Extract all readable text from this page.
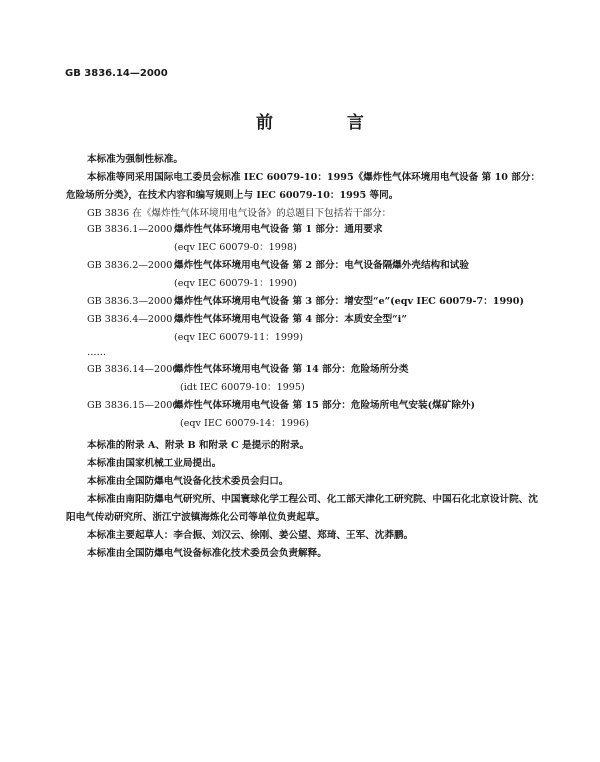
GB 3836.14—2000
前 言
本标准为强制性标准。
本标准等同采用国际电工委员会标准 IEC 60079-10：1995《爆炸性气体环境用电气设备 第 10 部分：危险场所分类》，在技术内容和编写规则上与 IEC 60079-10：1995 等同。
GB 3836 在《爆炸性气体环境用电气设备》的总题目下包括若干部分：
GB 3836.1—2000 爆炸性气体环境用电气设备 第 1 部分：通用要求
(eqv IEC 60079-0：1998)
GB 3836.2—2000 爆炸性气体环境用电气设备 第 2 部分：电气设备隔爆外壳结构和试验
(eqv IEC 60079-1：1990)
GB 3836.3—2000 爆炸性气体环境用电气设备 第 3 部分：增安型“e”(eqv IEC 60079-7：1990)
GB 3836.4—2000 爆炸性气体环境用电气设备 第 4 部分：本质安全型“i”
(eqv IEC 60079-11：1999)
……
GB 3836.14—2000爆炸性气体环境用电气设备 第 14 部分：危险场所分类
(idt IEC 60079-10：1995)
GB 3836.15—2000爆炸性气体环境用电气设备 第 15 部分：危险场所电气安装(煤矿除外)
(eqv IEC 60079-14：1996)
本标准的附录 A、附录 B 和附录 C 是提示的附录。
本标准由国家机械工业局提出。
本标准由全国防爆电气设备化技术委员会归口。
本标准由南阳防爆电气研究所、中国寰球化学工程公司、化工部天津化工研究院、中国石化北京设计院、沈阳电气传动研究所、浙江宁波镇海炼化公司等单位负责起草。
本标准主要起草人：李合振、刘汉云、徐刚、姜公望、郑琦、王军、沈莽鹏。
本标准由全国防爆电气设备标准化技术委员会负责解释。
